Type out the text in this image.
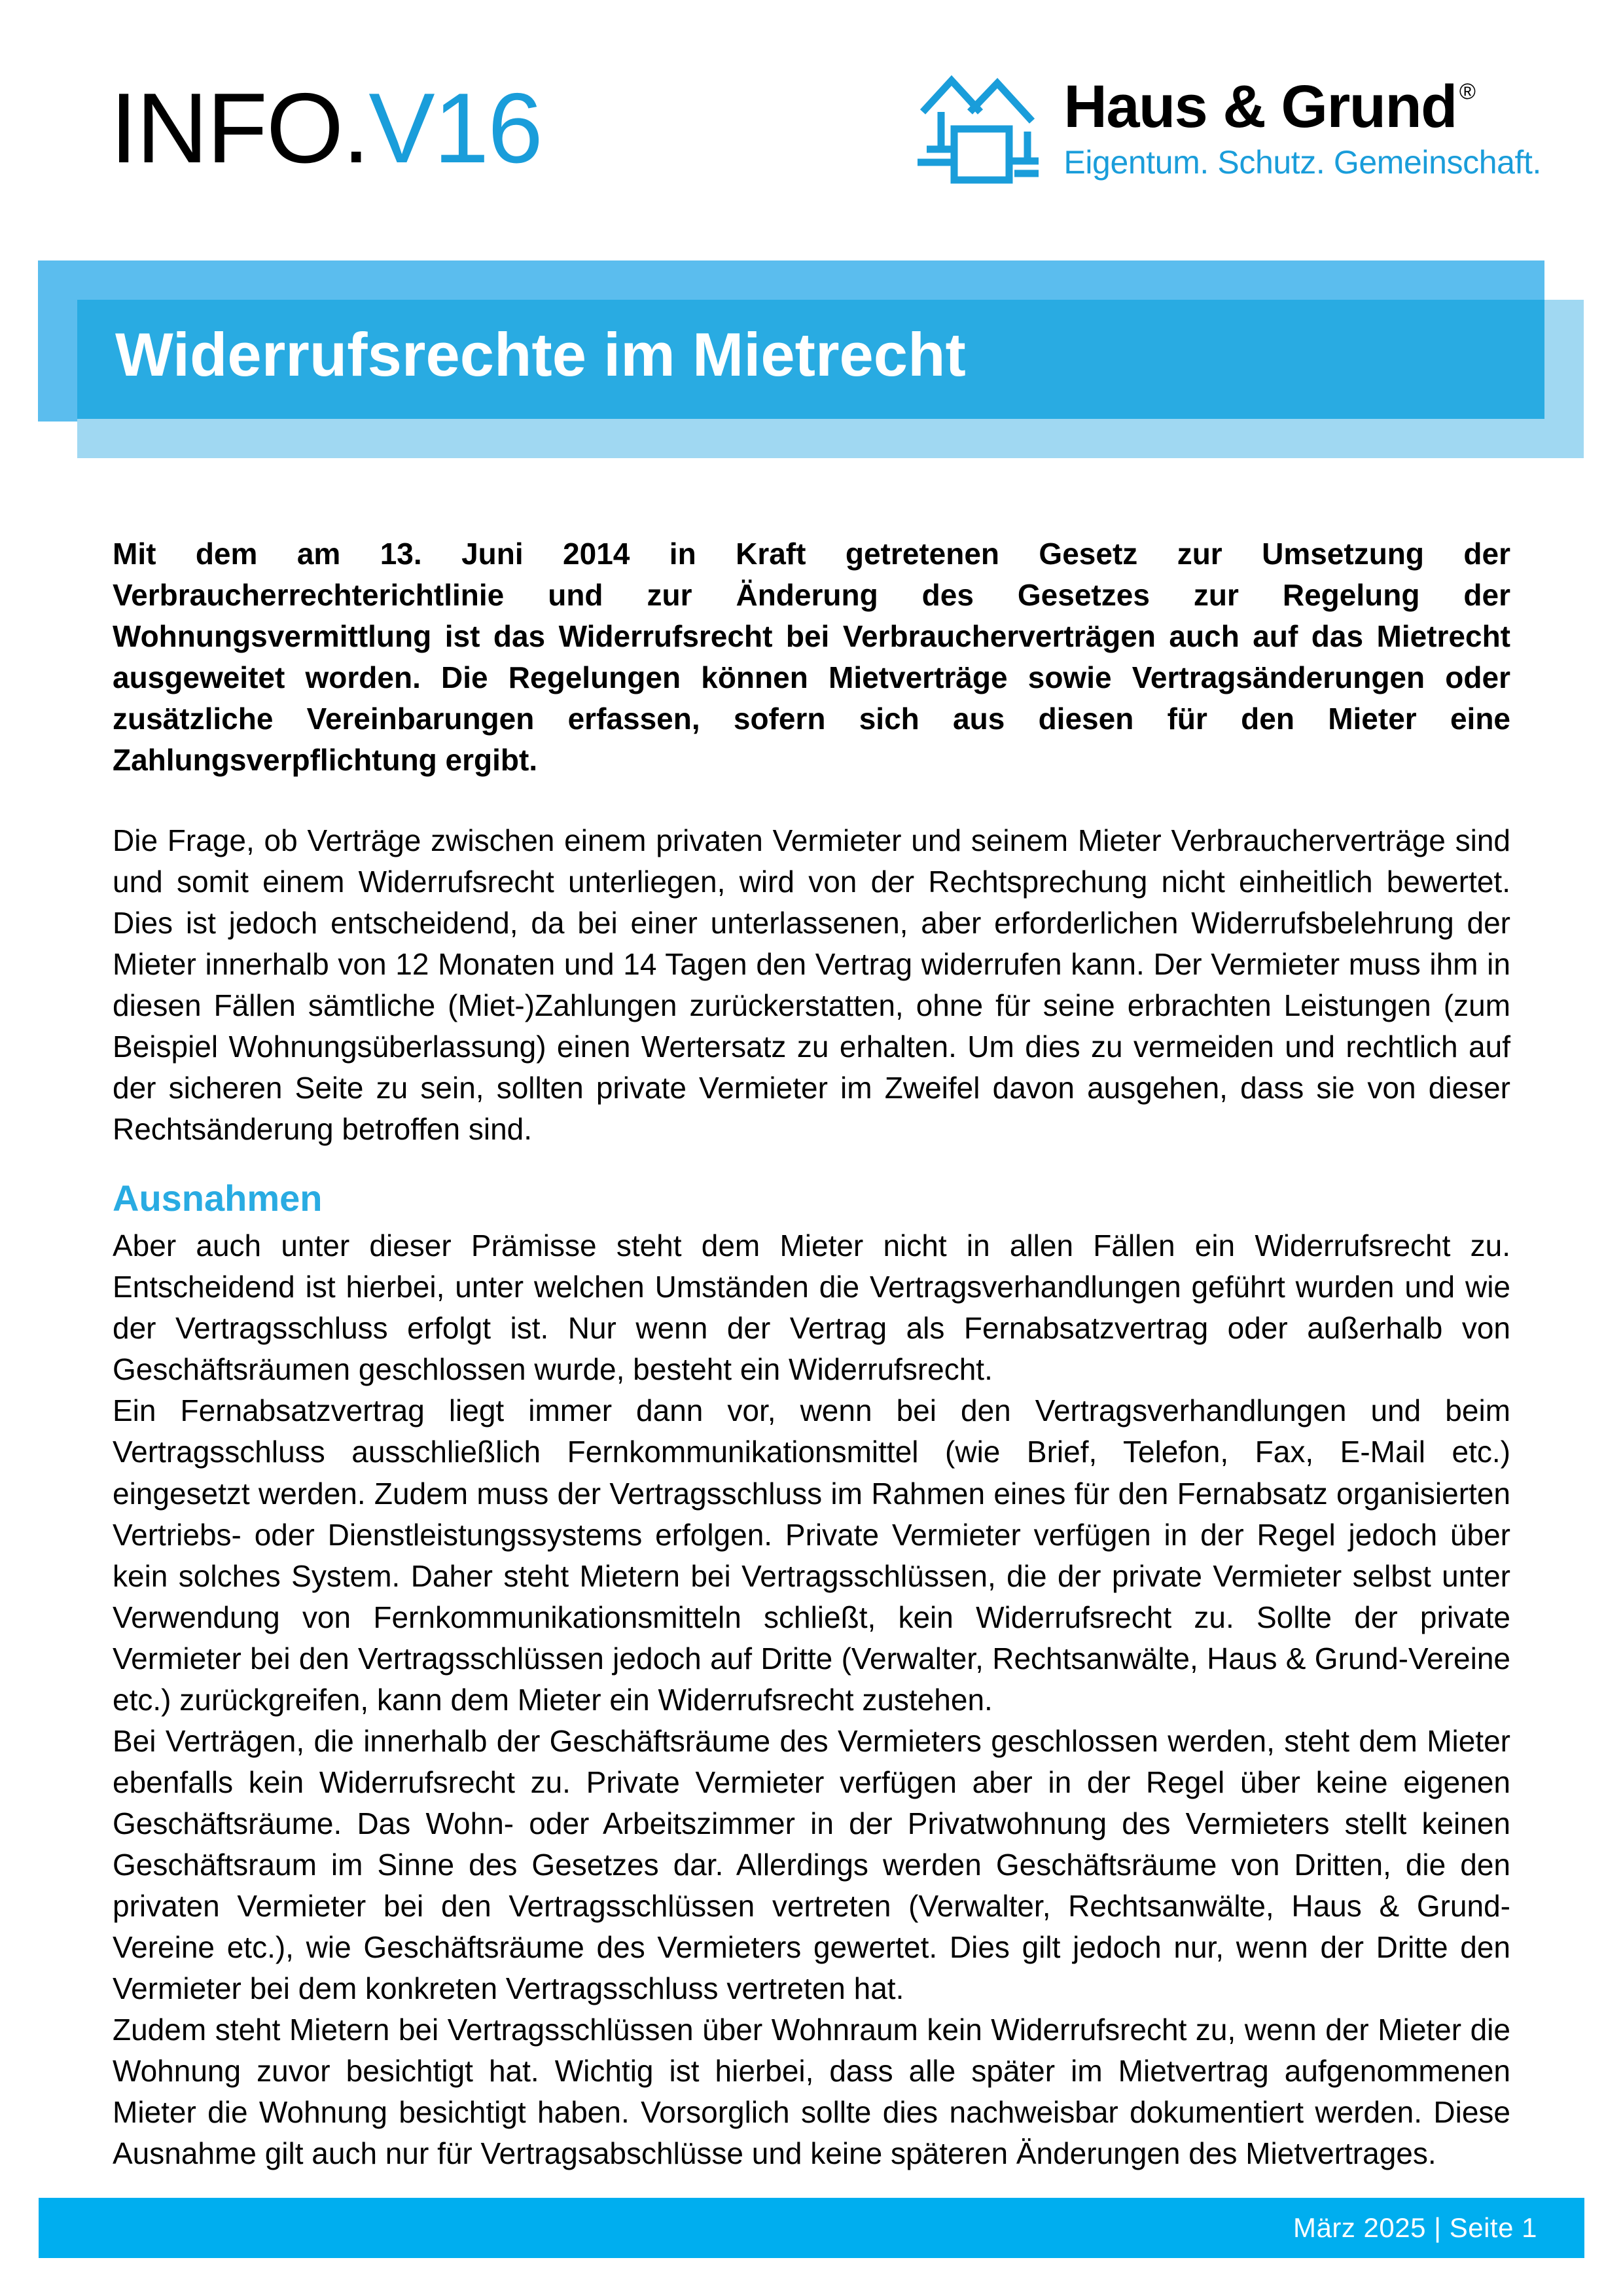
INFO.V16	Haus & Grund ®
Eigentum. Schutz. Gemeinschaft.
Widerrufsrechte im Mietrecht

Mit dem am 13. Juni 2014 in Kraft getretenen Gesetz zur Umsetzung der Verbraucherrechterichtlinie und zur Änderung des Gesetzes zur Regelung der Wohnungsvermittlung ist das Widerrufsrecht bei Verbraucherverträgen auch auf das Mietrecht ausgeweitet worden. Die Regelungen können Mietverträge sowie Vertragsänderungen oder zusätzliche Vereinbarungen erfassen, sofern sich aus diesen für den Mieter eine Zahlungsverpflichtung ergibt.

Die Frage, ob Verträge zwischen einem privaten Vermieter und seinem Mieter Verbraucherverträge sind und somit einem Widerrufsrecht unterliegen, wird von der Rechtsprechung nicht einheitlich bewertet. Dies ist jedoch entscheidend, da bei einer unterlassenen, aber erforderlichen Widerrufsbelehrung der Mieter innerhalb von 12 Monaten und 14 Tagen den Vertrag widerrufen kann. Der Vermieter muss ihm in diesen Fällen sämtliche (Miet-)Zahlungen zurückerstatten, ohne für seine erbrachten Leistungen (zum Beispiel Wohnungsüberlassung) einen Wertersatz zu erhalten. Um dies zu vermeiden und rechtlich auf der sicheren Seite zu sein, sollten private Vermieter im Zweifel davon ausgehen, dass sie von dieser Rechtsänderung betroffen sind.

Ausnahmen

Aber auch unter dieser Prämisse steht dem Mieter nicht in allen Fällen ein Widerrufsrecht zu. Entscheidend ist hierbei, unter welchen Umständen die Vertragsverhandlungen geführt wurden und wie der Vertragsschluss erfolgt ist. Nur wenn der Vertrag als Fernabsatzvertrag oder außerhalb von Geschäftsräumen geschlossen wurde, besteht ein Widerrufsrecht.

Ein Fernabsatzvertrag liegt immer dann vor, wenn bei den Vertragsverhandlungen und beim Vertragsschluss ausschließlich Fernkommunikationsmittel (wie Brief, Telefon, Fax, E-Mail etc.) eingesetzt werden. Zudem muss der Vertragsschluss im Rahmen eines für den Fernabsatz organisierten Vertriebs- oder Dienstleistungssystems erfolgen. Private Vermieter verfügen in der Regel jedoch über kein solches System. Daher steht Mietern bei Vertragsschlüssen, die der private Vermieter selbst unter Verwendung von Fernkommunikationsmitteln schließt, kein Widerrufsrecht zu. Sollte der private Vermieter bei den Vertragsschlüssen jedoch auf Dritte (Verwalter, Rechtsanwälte, Haus & Grund-Vereine etc.) zurückgreifen, kann dem Mieter ein Widerrufsrecht zustehen.

Bei Verträgen, die innerhalb der Geschäftsräume des Vermieters geschlossen werden, steht dem Mieter ebenfalls kein Widerrufsrecht zu. Private Vermieter verfügen aber in der Regel über keine eigenen Geschäftsräume. Das Wohn- oder Arbeitszimmer in der Privatwohnung des Vermieters stellt keinen Geschäftsraum im Sinne des Gesetzes dar. Allerdings werden Geschäftsräume von Dritten, die den privaten Vermieter bei den Vertragsschlüssen vertreten (Verwalter, Rechtsanwälte, Haus & Grund-Vereine etc.), wie Geschäftsräume des Vermieters gewertet. Dies gilt jedoch nur, wenn der Dritte den Vermieter bei dem konkreten Vertragsschluss vertreten hat.

Zudem steht Mietern bei Vertragsschlüssen über Wohnraum kein Widerrufsrecht zu, wenn der Mieter die Wohnung zuvor besichtigt hat. Wichtig ist hierbei, dass alle später im Mietvertrag aufgenommenen Mieter die Wohnung besichtigt haben. Vorsorglich sollte dies nachweisbar dokumentiert werden. Diese Ausnahme gilt auch nur für Vertragsabschlüsse und keine späteren Änderungen des Mietvertrages.

März 2025 | Seite 1
